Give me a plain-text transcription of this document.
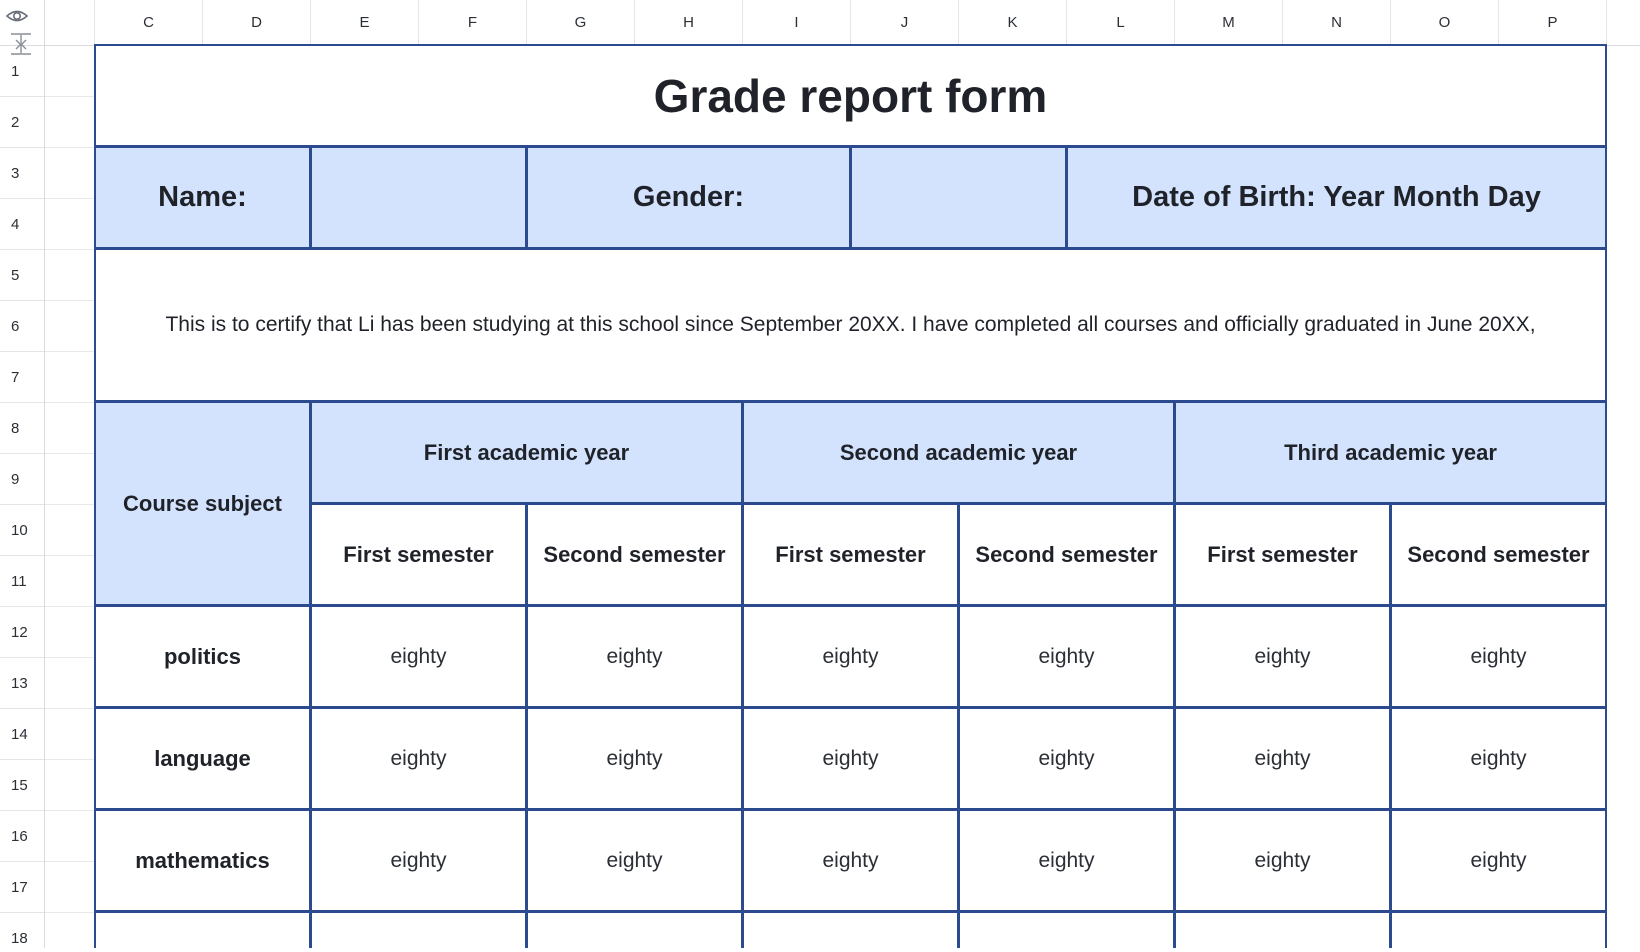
C	D	E	F	G	H	I	J	K	L	M	N	O	P
1
2
3
4
5
6
7
8
9
10
11
12
13
14
15
16
17
18
Grade report form
Name:	Gender:	Date of Birth: Year Month Day
This is to certify that Li has been studying at this school since September 20XX. I have completed all courses and officially graduated in June 20XX,
Course subject
First academic year	Second academic year	Third academic year
First semester	Second semester	First semester	Second semester	First semester	Second semester
politics	eighty	eighty	eighty	eighty	eighty	eighty
language	eighty	eighty	eighty	eighty	eighty	eighty
mathematics	eighty	eighty	eighty	eighty	eighty	eighty
